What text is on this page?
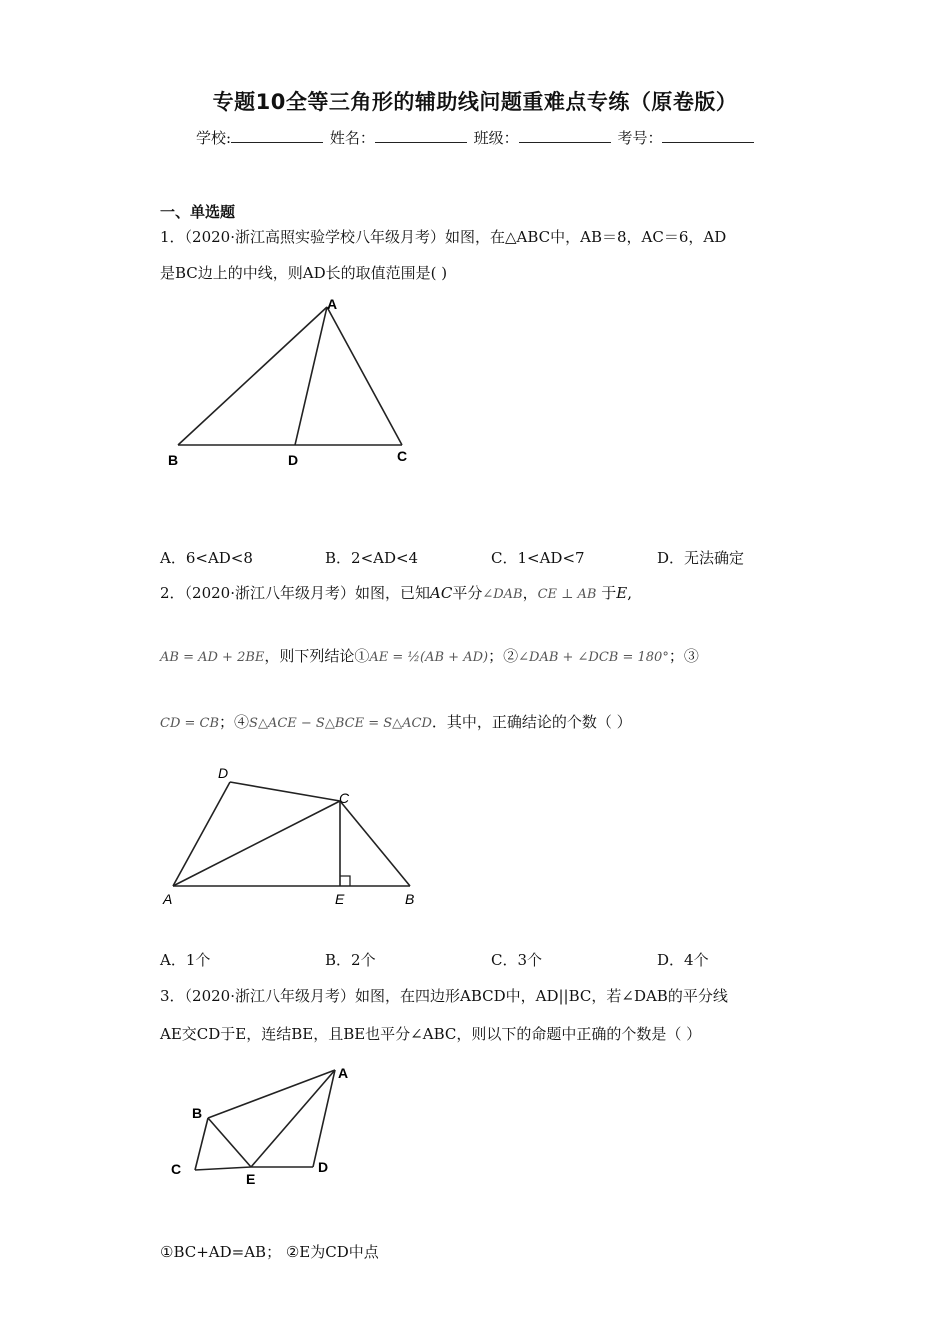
专题10全等三角形的辅助线问题重难点专练（原卷版）
学校:	姓名：	班级：	考号：
一、单选题
1．（2020·浙江高照实验学校八年级月考）如图，在△ABC中，AB＝8，AC＝6，AD
是BC边上的中线，则AD长的取值范围是( )
A
B	D	C
A．6<AD<8	B．2<AD<4	C．1<AD<7	D．无法确定
2．（2020·浙江八年级月考）如图，已知AC平分∠DAB，CE ⊥ AB 于E,
AB = AD + 2BE，则下列结论①AE = ½(AB + AD)；②∠DAB + ∠DCB = 180°；③
CD = CB；④S△ACE − S△BCE = S△ACD．其中，正确结论的个数（ ）
A
D
C
E	B
A．1个	B．2个	C．3个	D．4个
3．（2020·浙江八年级月考）如图，在四边形ABCD中，AD||BC，若∠DAB的平分线
AE交CD于E，连结BE，且BE也平分∠ABC，则以下的命题中正确的个数是（ ）
A
B
C
E
D
①BC+AD=AB； ②E为CD中点
